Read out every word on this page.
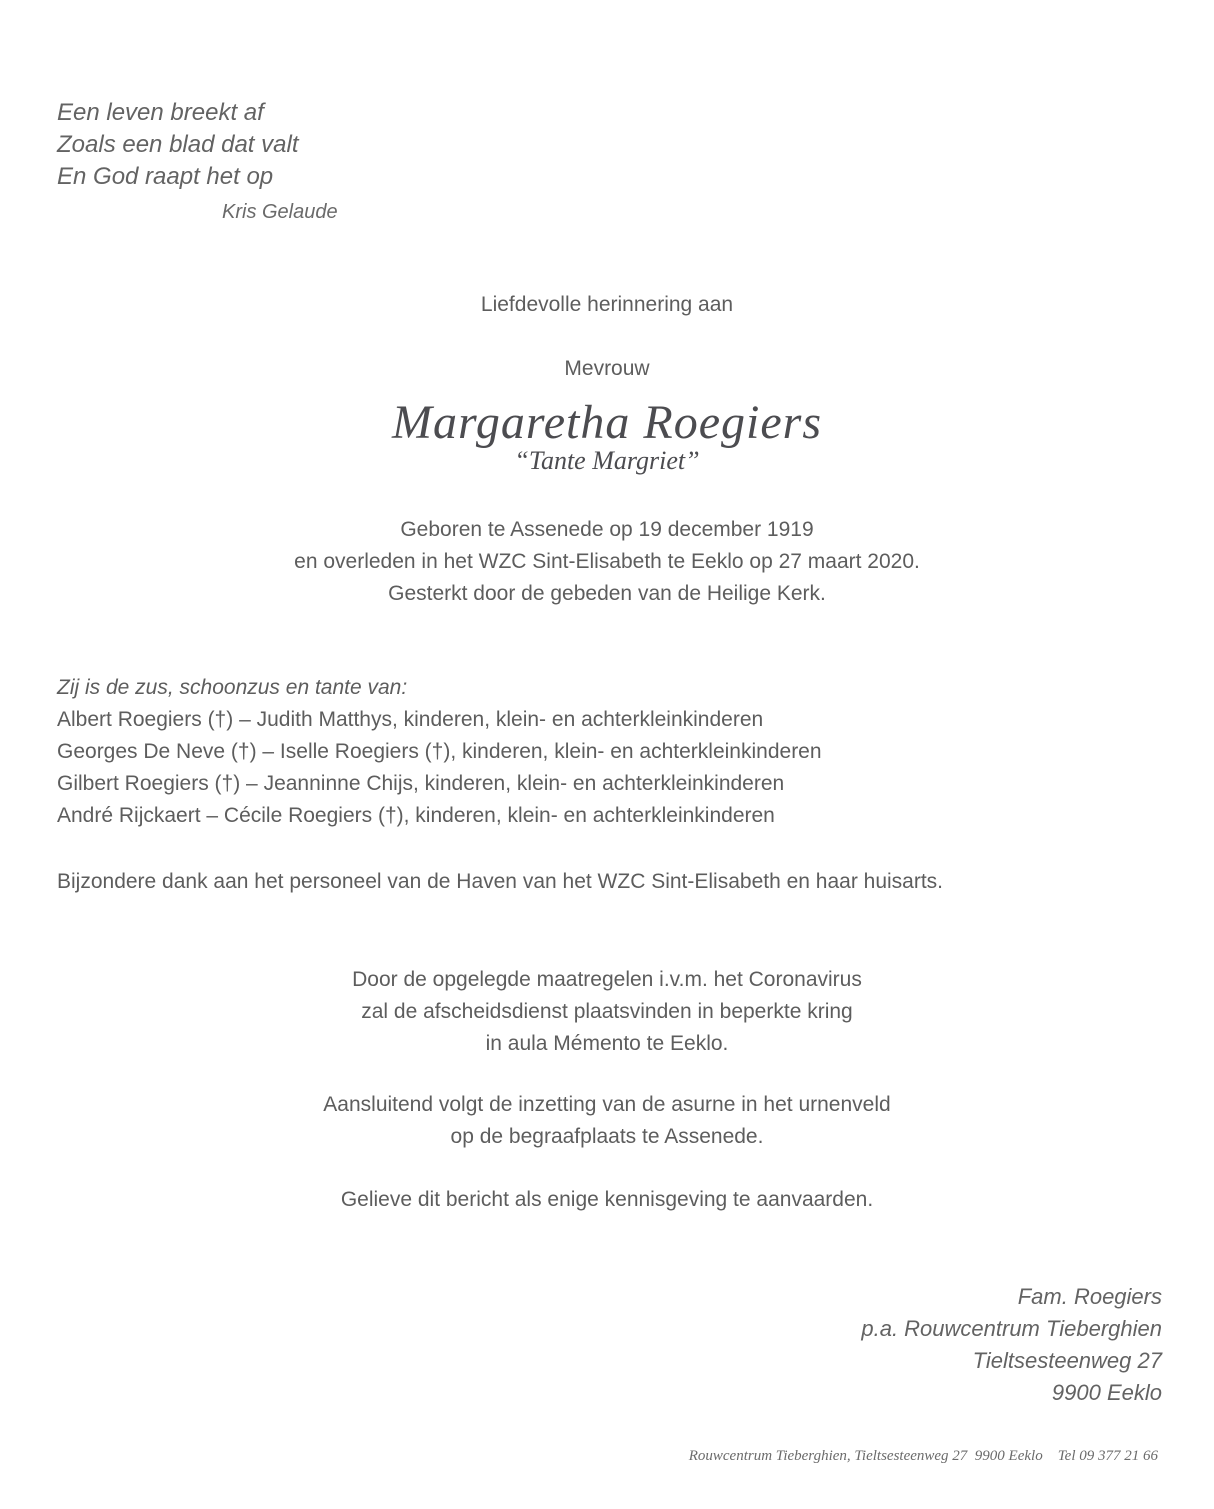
Een leven breekt af
Zoals een blad dat valt
En God raapt het op
Kris Gelaude
Liefdevolle herinnering aan
Mevrouw
Margaretha Roegiers
“Tante Margriet”
Geboren te Assenede op 19 december 1919
en overleden in het WZC Sint-Elisabeth te Eeklo op 27 maart 2020.
Gesterkt door de gebeden van de Heilige Kerk.
Zij is de zus, schoonzus en tante van:
Albert Roegiers (†) – Judith Matthys, kinderen, klein- en achterkleinkinderen
Georges De Neve (†) – Iselle Roegiers (†), kinderen, klein- en achterkleinkinderen
Gilbert Roegiers (†) – Jeanninne Chijs, kinderen, klein- en achterkleinkinderen
André Rijckaert – Cécile Roegiers (†), kinderen, klein- en achterkleinkinderen
Bijzondere dank aan het personeel van de Haven van het WZC Sint-Elisabeth en haar huisarts.
Door de opgelegde maatregelen i.v.m. het Coronavirus
zal de afscheidsdienst plaatsvinden in beperkte kring
in aula Mémento te Eeklo.
Aansluitend volgt de inzetting van de asurne in het urnenveld
op de begraafplaats te Assenede.
Gelieve dit bericht als enige kennisgeving te aanvaarden.
Fam. Roegiers
p.a. Rouwcentrum Tieberghien
Tieltsesteenweg 27
9900 Eeklo
Rouwcentrum Tieberghien, Tieltsesteenweg 27  9900 Eeklo    Tel 09 377 21 66
